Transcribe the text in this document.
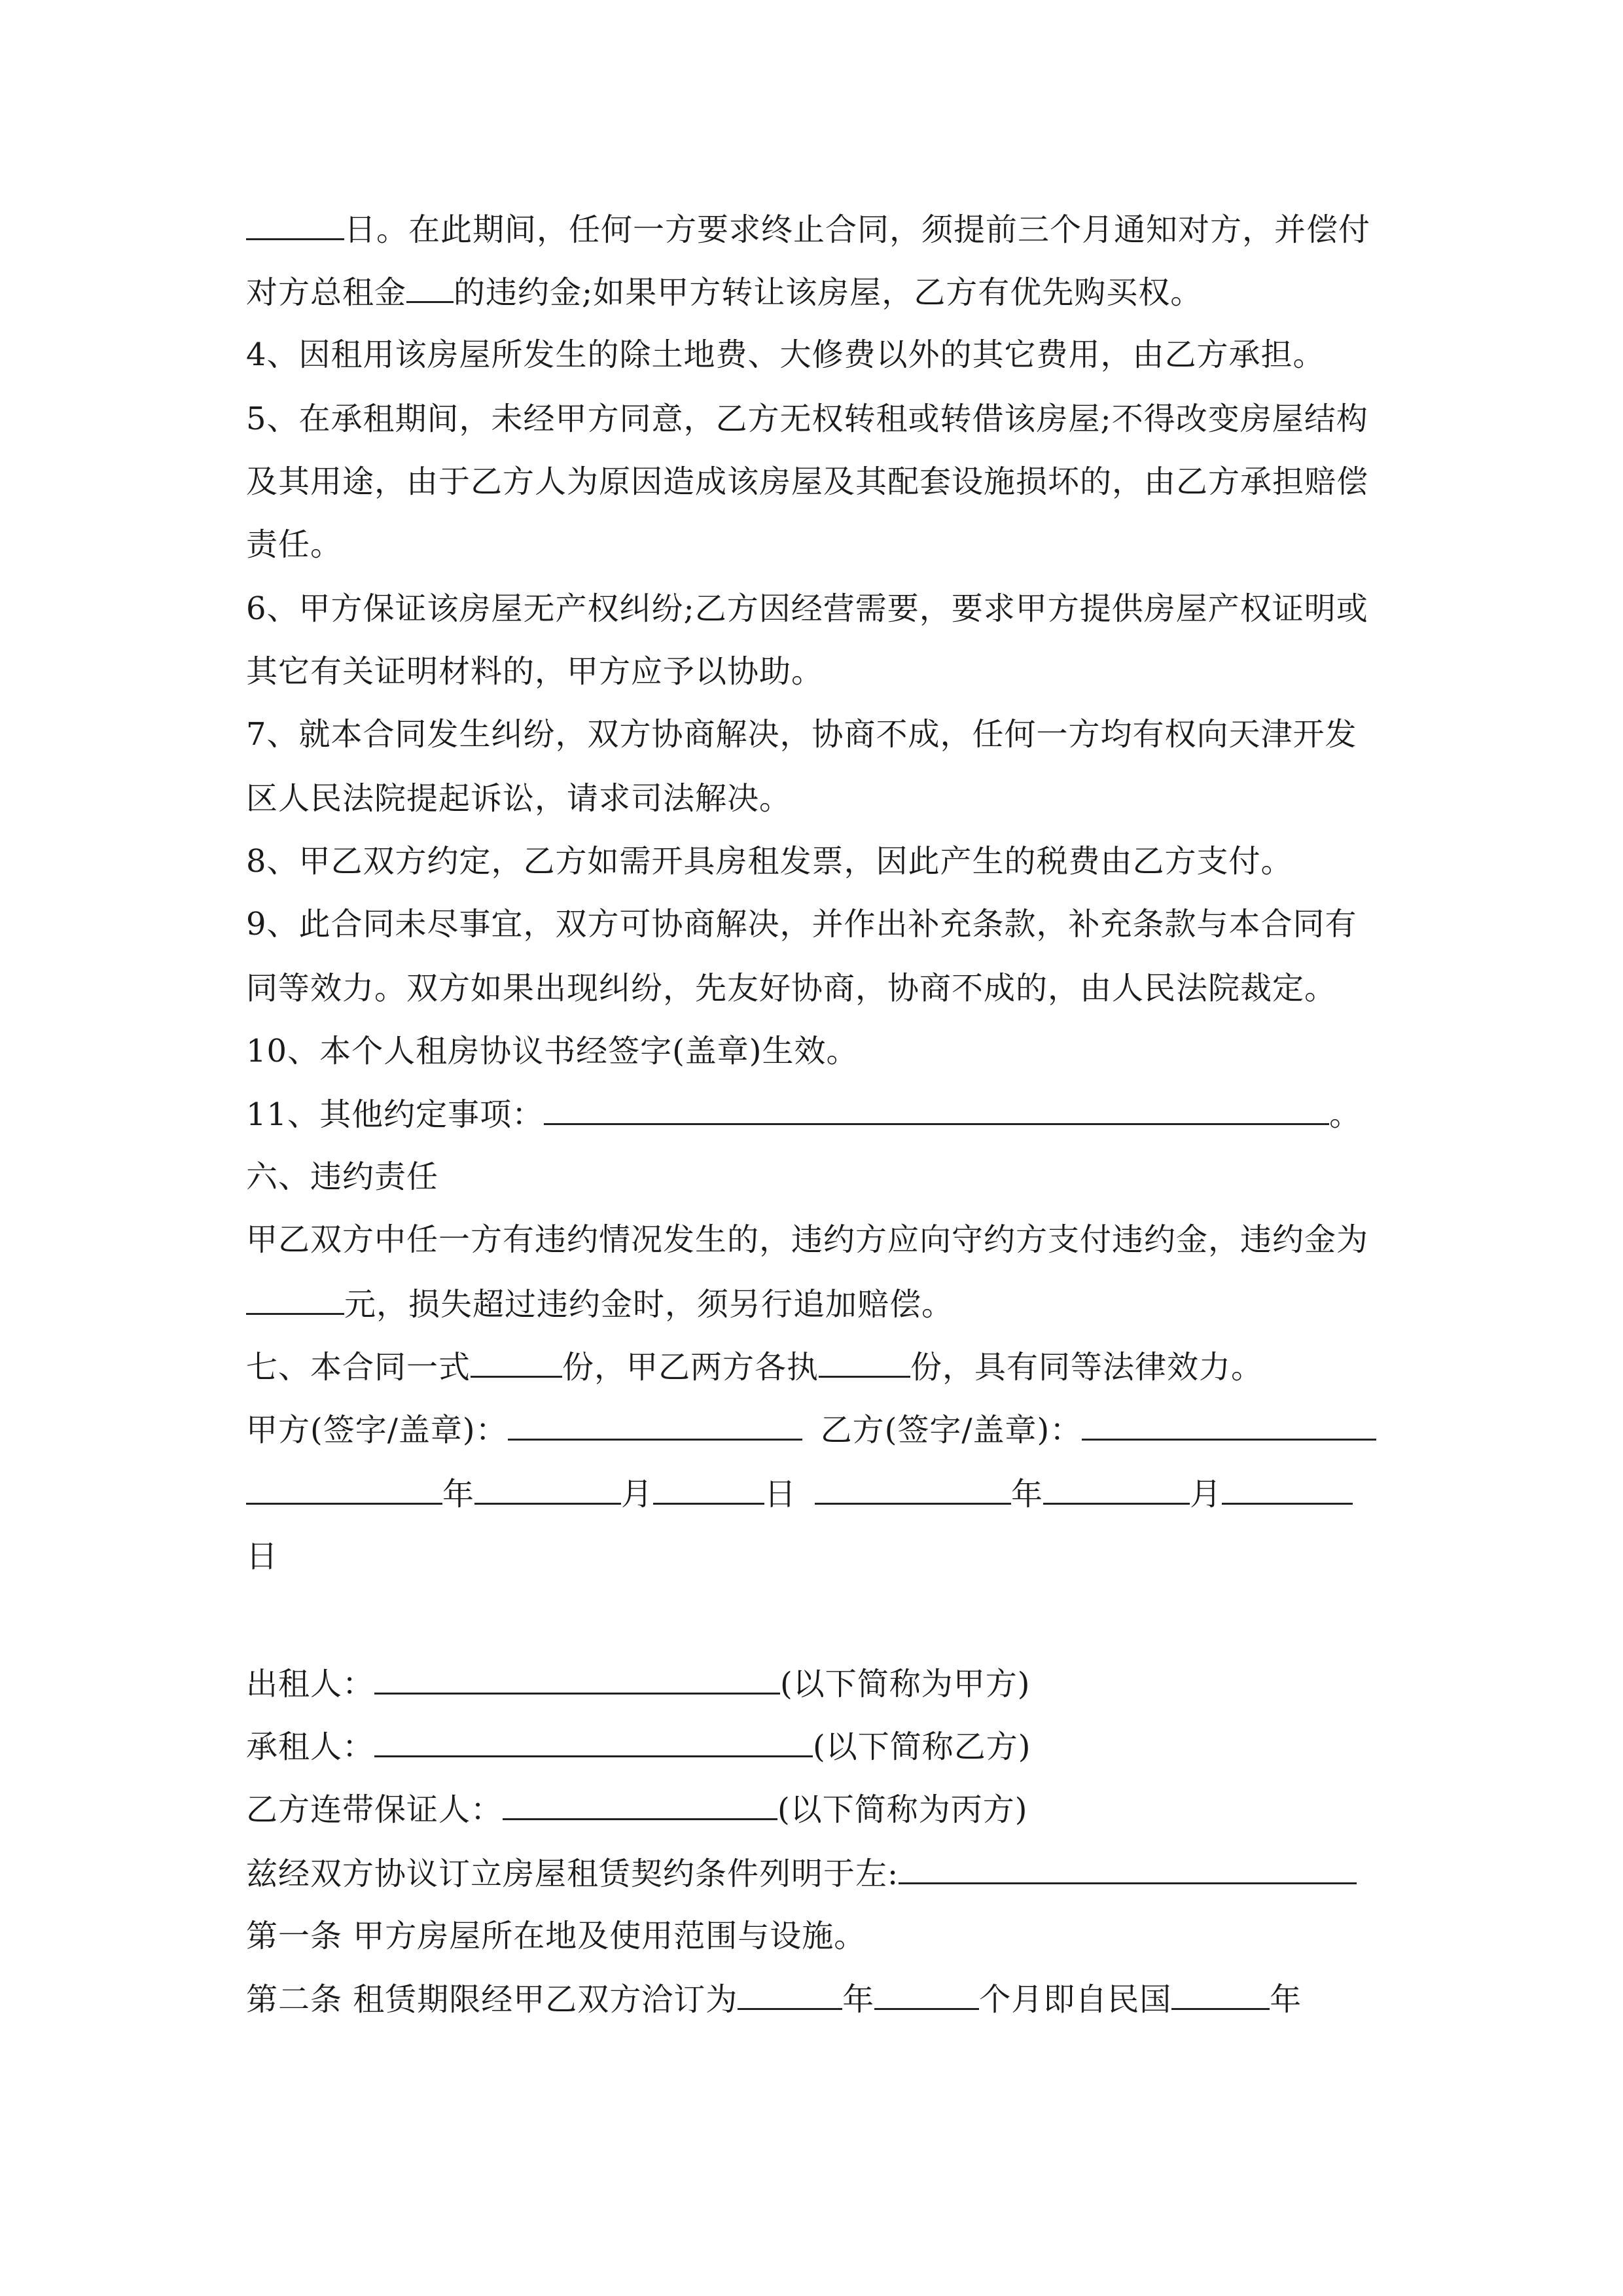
日。在此期间，任何一方要求终止合同，须提前三个月通知对方，并偿付
对方总租金 的违约金;如果甲方转让该房屋，乙方有优先购买权。
4、因租用该房屋所发生的除土地费、大修费以外的其它费用，由乙方承担。
5、在承租期间，未经甲方同意，乙方无权转租或转借该房屋;不得改变房屋结构
及其用途，由于乙方人为原因造成该房屋及其配套设施损坏的，由乙方承担赔偿
责任。
6、甲方保证该房屋无产权纠纷;乙方因经营需要，要求甲方提供房屋产权证明或
其它有关证明材料的，甲方应予以协助。
7、就本合同发生纠纷，双方协商解决，协商不成，任何一方均有权向天津开发
区人民法院提起诉讼，请求司法解决。
8、甲乙双方约定，乙方如需开具房租发票，因此产生的税费由乙方支付。
9、此合同未尽事宜，双方可协商解决，并作出补充条款，补充条款与本合同有
同等效力。双方如果出现纠纷，先友好协商，协商不成的，由人民法院裁定。
10、本个人租房协议书经签字(盖章)生效。
11、其他约定事项：	。
六、违约责任
甲乙双方中任一方有违约情况发生的，违约方应向守约方支付违约金，违约金为
元，损失超过违约金时，须另行追加赔偿。
七、本合同一式	份，甲乙两方各执	份，具有同等法律效力。
甲方(签字/盖章)：	乙方(签字/盖章)：
年	月	日	年	月
日
出租人：	(以下简称为甲方)
承租人：	(以下简称乙方)
乙方连带保证人：	(以下简称为丙方)
兹经双方协议订立房屋租赁契约条件列明于左:
第一条 甲方房屋所在地及使用范围与设施。
第二条 租赁期限经甲乙双方洽订为	年	个月即自民国	年
